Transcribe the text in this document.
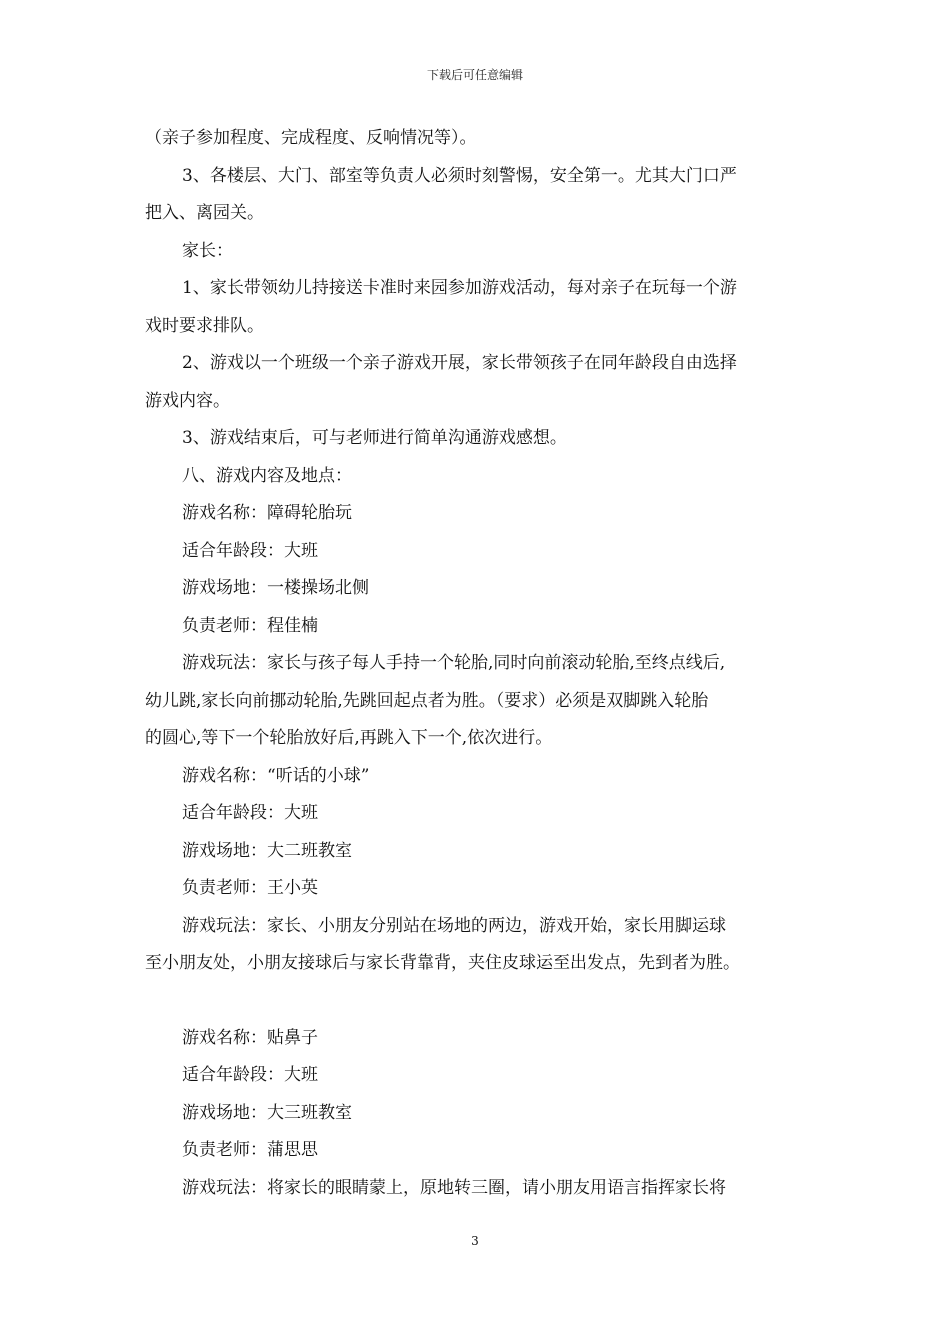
下载后可任意编辑
（亲子参加程度、完成程度、反响情况等）。
3、各楼层、大门、部室等负责人必须时刻警惕，安全第一。尤其大门口严
把入、离园关。
家长：
1、家长带领幼儿持接送卡准时来园参加游戏活动，每对亲子在玩每一个游
戏时要求排队。
2、游戏以一个班级一个亲子游戏开展，家长带领孩子在同年龄段自由选择
游戏内容。
3、游戏结束后，可与老师进行简单沟通游戏感想。
八、游戏内容及地点：
游戏名称：障碍轮胎玩
适合年龄段：大班
游戏场地：一楼操场北侧
负责老师：程佳楠
游戏玩法：家长与孩子每人手持一个轮胎,同时向前滚动轮胎,至终点线后,
幼儿跳,家长向前挪动轮胎,先跳回起点者为胜。（要求）必须是双脚跳入轮胎
的圆心,等下一个轮胎放好后,再跳入下一个,依次进行。
游戏名称：“听话的小球”
适合年龄段：大班
游戏场地：大二班教室
负责老师：王小英
游戏玩法：家长、小朋友分别站在场地的两边，游戏开始，家长用脚运球
至小朋友处，小朋友接球后与家长背靠背，夹住皮球运至出发点，先到者为胜。
游戏名称：贴鼻子
适合年龄段：大班
游戏场地：大三班教室
负责老师：蒲思思
游戏玩法：将家长的眼睛蒙上，原地转三圈，请小朋友用语言指挥家长将
3
